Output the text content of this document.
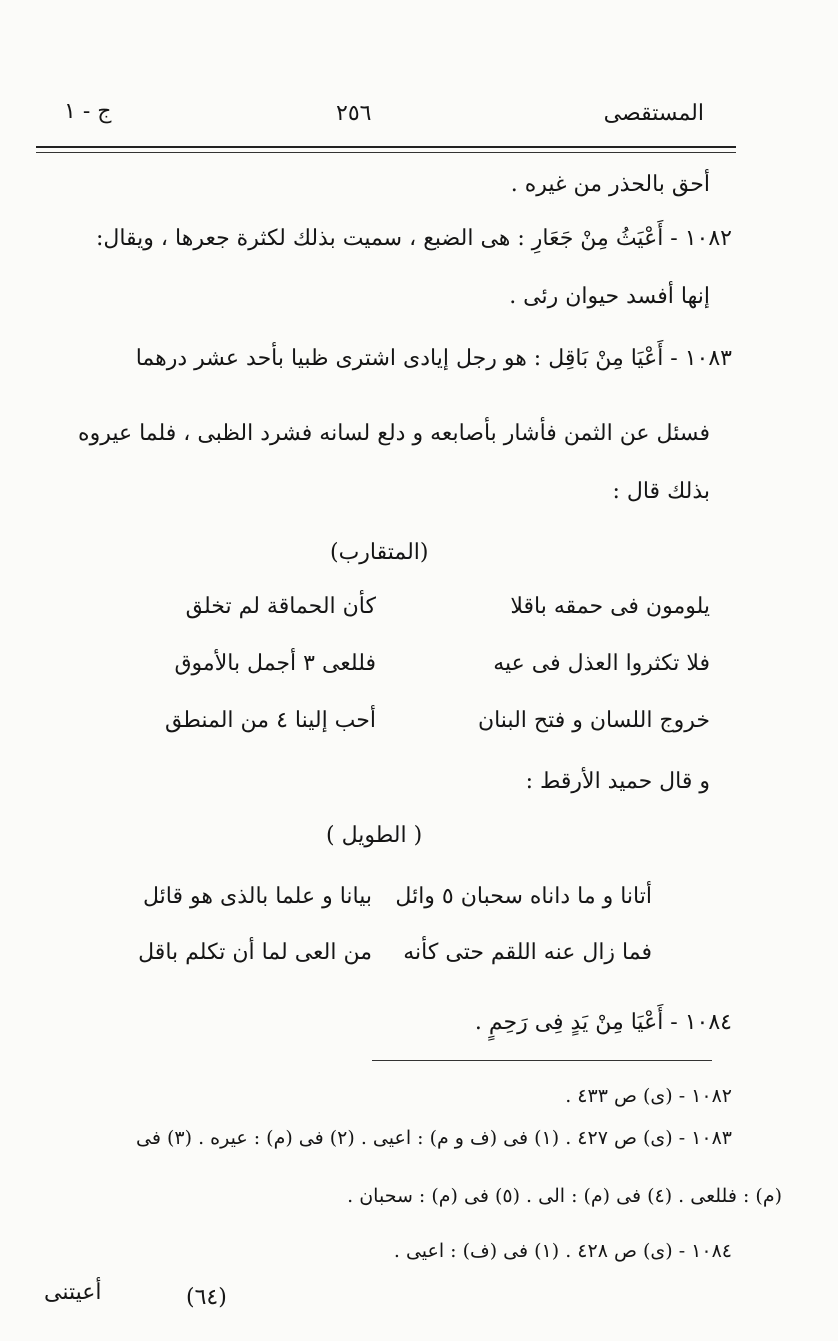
المستقصى
٢٥٦
ج - ١
أحق بالحذر من غيره .
١٠٨٢ - أَعْيَثُ مِنْ جَعَارِ : هى الضبع ، سميت بذلك لكثرة جعرها ، ويقال:
إنها أفسد حيوان رئى .
١٠٨٣ - أَعْيَا مِنْ بَاقِل : هو رجل إيادى اشترى ظبيا بأحد عشر درهما
فسئل عن الثمن فأشار بأصابعه و دلع لسانه فشرد الظبى ، فلما عيروه
بذلك قال :
(المتقارب)
يلومون فى حمقه باقلا
كأن الحماقة لم تخلق
فلا تكثروا العذل فى عيه
فللعى ٣ أجمل بالأموق
خروج اللسان و فتح البنان
أحب إلينا ٤ من المنطق
و قال حميد الأرقط :
( الطويل )
أتانا و ما داناه سحبان ٥ وائل
بيانا و علما بالذى هو قائل
فما زال عنه اللقم حتى كأنه
من العى لما أن تكلم باقل
١٠٨٤ - أَعْيَا مِنْ يَدٍ فِى رَحِمٍ .
١٠٨٢ - (ى) ص ٤٣٣ .
١٠٨٣ - (ى) ص ٤٢٧ . (١) فى (ف و م) : اعيى . (٢) فى (م) : عيره . (٣) فى
(م) : فللعى . (٤) فى (م) : الى . (٥) فى (م) : سحبان .
١٠٨٤ - (ى) ص ٤٢٨ . (١) فى (ف) : اعيى .
(٦٤)
أعيتنى
